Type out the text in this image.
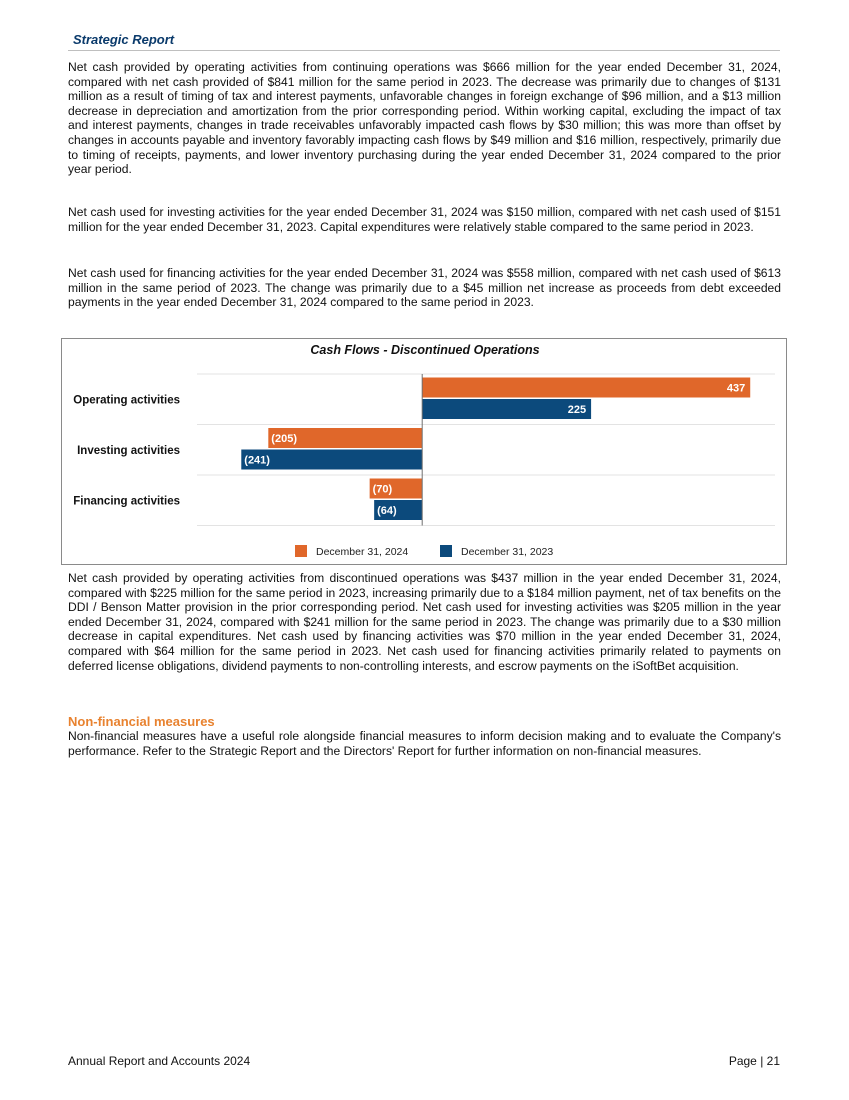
Strategic Report

Net cash provided by operating activities from continuing operations was $666 million for the year ended December 31, 2024, compared with net cash provided of $841 million for the same period in 2023. The decrease was primarily due to changes of $131 million as a result of timing of tax and interest payments, unfavorable changes in foreign exchange of $96 million, and a $13 million decrease in depreciation and amortization from the prior corresponding period. Within working capital, excluding the impact of tax and interest payments, changes in trade receivables unfavorably impacted cash flows by $30 million; this was more than offset by changes in accounts payable and inventory favorably impacting cash flows by $49 million and $16 million, respectively, primarily due to timing of receipts, payments, and lower inventory purchasing during the year ended December 31, 2024 compared to the prior year period.

Net cash used for investing activities for the year ended December 31, 2024 was $150 million, compared with net cash used of $151 million for the year ended December 31, 2023. Capital expenditures were relatively stable compared to the same period in 2023.

Net cash used for financing activities for the year ended December 31, 2024 was $558 million, compared with net cash used of $613 million in the same period of 2023. The change was primarily due to a $45 million net increase as proceeds from debt exceeded payments in the year ended December 31, 2024 compared to the same period in 2023.

Cash Flows - Discontinued Operations
Operating activities
437
225
Investing activities
(205)
(241)
Financing activities
(70)
(64)
December 31, 2024	December 31, 2023

Net cash provided by operating activities from discontinued operations was $437 million in the year ended December 31, 2024, compared with $225 million for the same period in 2023, increasing primarily due to a $184 million payment, net of tax benefits on the DDI / Benson Matter provision in the prior corresponding period. Net cash used for investing activities was $205 million in the year ended December 31, 2024, compared with $241 million for the same period in 2023. The change was primarily due to a $30 million decrease in capital expenditures. Net cash used by financing activities was $70 million in the year ended December 31, 2024, compared with $64 million for the same period in 2023. Net cash used for financing activities primarily related to payments on deferred license obligations, dividend payments to non-controlling interests, and escrow payments on the iSoftBet acquisition.

Non-financial measures

Non-financial measures have a useful role alongside financial measures to inform decision making and to evaluate the Company's performance. Refer to the Strategic Report and the Directors' Report for further information on non-financial measures.

Annual Report and Accounts 2024	Page | 21
